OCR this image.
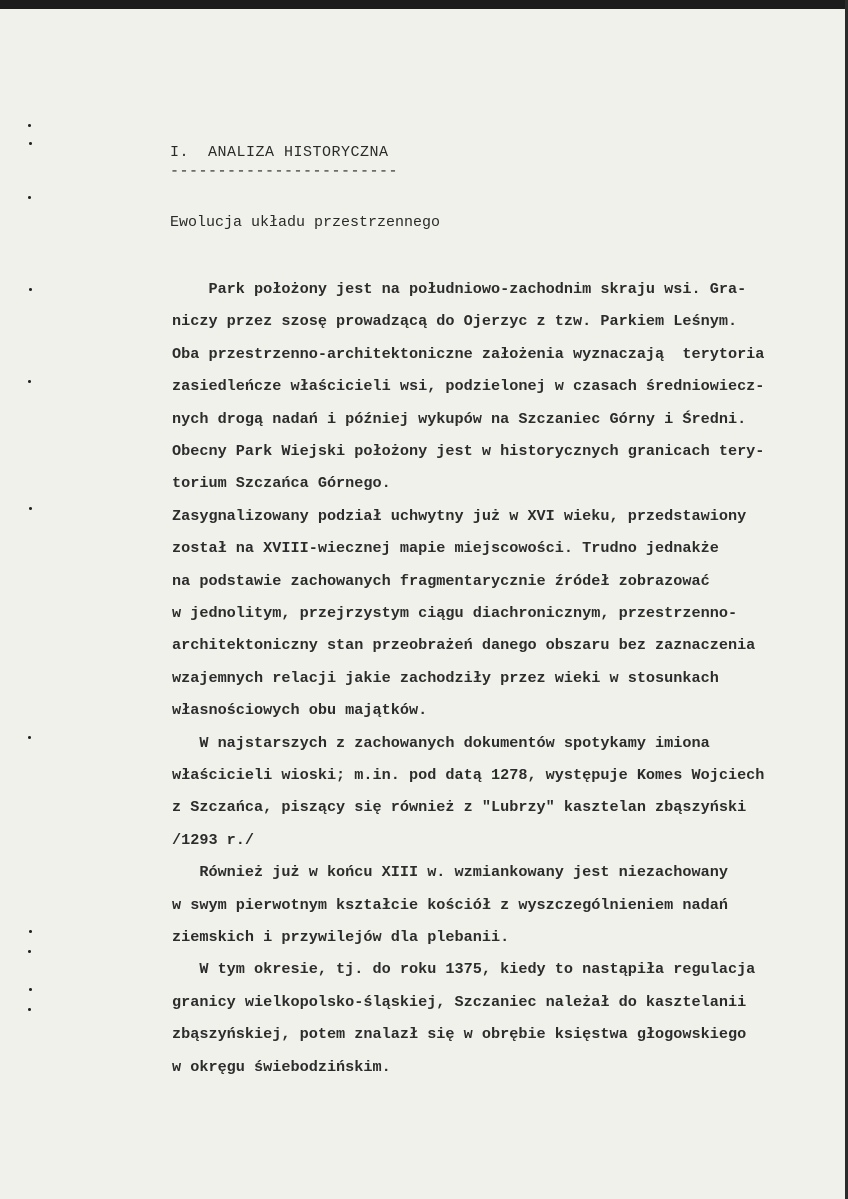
I.  ANALIZA HISTORYCZNA
------------------------
Ewolucja układu przestrzennego
Park położony jest na południowo-zachodnim skraju wsi. Gra-
niczy przez szosę prowadzącą do Ojerzyc z tzw. Parkiem Leśnym.
Oba przestrzenno-architektoniczne założenia wyznaczają  terytoria
zasiedleńcze właścicieli wsi, podzielonej w czasach średniowiecz-
nych drogą nadań i później wykupów na Szczaniec Górny i Średni.
Obecny Park Wiejski położony jest w historycznych granicach tery-
torium Szczańca Górnego.
Zasygnalizowany podział uchwytny już w XVI wieku, przedstawiony
został na XVIII-wiecznej mapie miejscowości. Trudno jednakże
na podstawie zachowanych fragmentarycznie źródeł zobrazować
w jednolitym, przejrzystym ciągu diachronicznym, przestrzenno-
architektoniczny stan przeobrażeń danego obszaru bez zaznaczenia
wzajemnych relacji jakie zachodziły przez wieki w stosunkach
własnościowych obu majątków.
W najstarszych z zachowanych dokumentów spotykamy imiona
właścicieli wioski; m.in. pod datą 1278, występuje Komes Wojciech
z Szczańca, piszący się również z "Lubrzy" kasztelan zbąszyński
/1293 r./
Również już w końcu XIII w. wzmiankowany jest niezachowany
w swym pierwotnym kształcie kościół z wyszczególnieniem nadań
ziemskich i przywilejów dla plebanii.
W tym okresie, tj. do roku 1375, kiedy to nastąpiła regulacja
granicy wielkopolsko-śląskiej, Szczaniec należał do kasztelanii
zbąszyńskiej, potem znalazł się w obrębie księstwa głogowskiego
w okręgu świebodzińskim.
